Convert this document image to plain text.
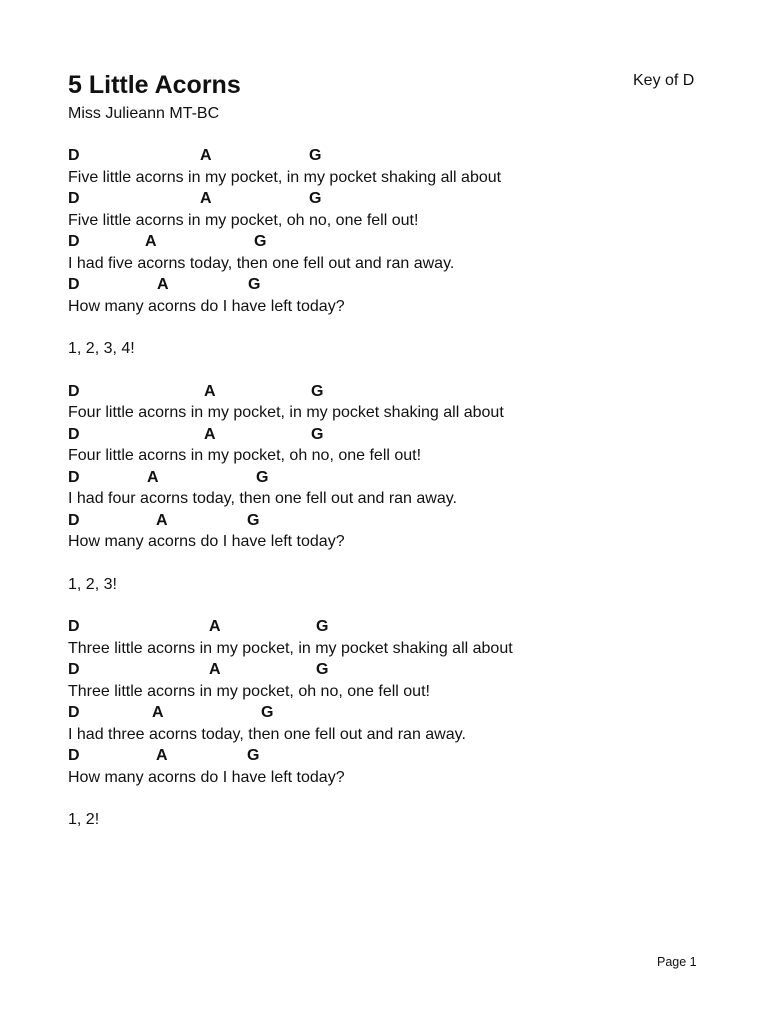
5 Little Acorns
Miss Julieann MT-BC
Key of D
D	A	G
Five little acorns in my pocket, in my pocket shaking all about
D	A	G
Five little acorns in my pocket, oh no, one fell out!
D	A	G
I had five acorns today, then one fell out and ran away.
D	A	G
How many acorns do I have left today?
1, 2, 3, 4!
D	A	G
Four little acorns in my pocket, in my pocket shaking all about
D	A	G
Four little acorns in my pocket, oh no, one fell out!
D	A	G
I had four acorns today, then one fell out and ran away.
D	A	G
How many acorns do I have left today?
1, 2, 3!
D	A	G
Three little acorns in my pocket, in my pocket shaking all about
D	A	G
Three little acorns in my pocket, oh no, one fell out!
D	A	G
I had three acorns today, then one fell out and ran away.
D	A	G
How many acorns do I have left today?
1, 2!
Page 1
